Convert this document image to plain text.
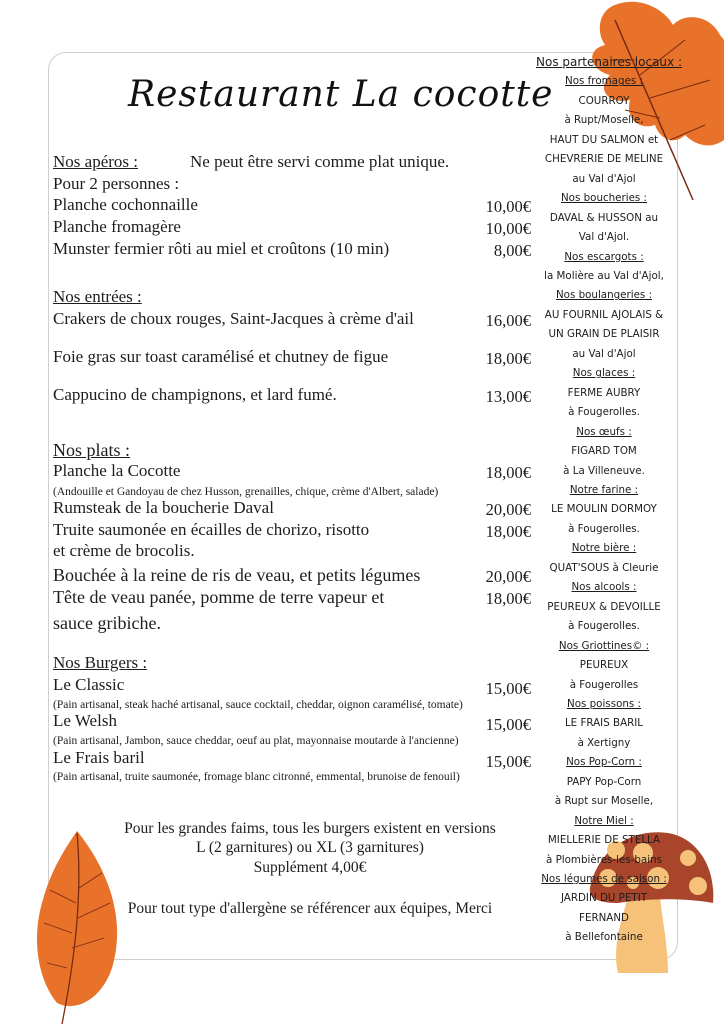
Restaurant La cocotte
Ne peut être servi comme plat unique.
Nos apéros :
Pour 2 personnes :
Planche cochonnaille	10,00€
Planche fromagère	10,00€
Munster fermier rôti au miel et croûtons (10 min)	8,00€
Nos entrées :
Crakers de choux rouges, Saint-Jacques à crème d'ail	16,00€
Foie gras sur toast caramélisé et chutney de figue	18,00€
Cappucino de champignons, et lard fumé.	13,00€
Nos plats :
Planche la Cocotte	18,00€
(Andouille et Gandoyau de chez Husson, grenailles, chique, crème d'Albert, salade)
Rumsteak de la boucherie Daval	20,00€
Truite saumonée en écailles de chorizo, risotto	18,00€
et crème de brocolis.
Bouchée à la reine de ris de veau, et petits légumes	20,00€
Tête de veau panée, pomme de terre vapeur et	18,00€
sauce gribiche.
Nos Burgers :
Le Classic	15,00€
(Pain artisanal, steak haché artisanal, sauce cocktail, cheddar, oignon caramélisé, tomate)
Le Welsh	15,00€
(Pain artisanal, Jambon, sauce cheddar, oeuf au plat, mayonnaise moutarde à l'ancienne)
Le Frais baril	15,00€
(Pain artisanal, truite saumonée, fromage blanc citronné, emmental, brunoise de fenouil)
Pour les grandes faims, tous les burgers existent en versions
L (2 garnitures) ou XL (3 garnitures)
Supplément 4,00€
Pour tout type d'allergène se référencer aux équipes, Merci
Nos partenaires locaux :
Nos fromages :
COURROY
à Rupt/Moselle,
HAUT DU SALMON et
CHEVRERIE DE MELINE
au Val d'Ajol
Nos boucheries :
DAVAL & HUSSON au
Val d'Ajol.
Nos escargots :
la Molière au Val d'Ajol,
Nos boulangeries :
AU FOURNIL AJOLAIS &
UN GRAIN DE PLAISIR
au Val d'Ajol
Nos glaces :
FERME AUBRY
à Fougerolles.
Nos œufs :
FIGARD TOM
à La Villeneuve.
Notre farine :
LE MOULIN DORMOY
à Fougerolles.
Notre bière :
QUAT'SOUS à Cleurie
Nos alcools :
PEUREUX & DEVOILLE
à Fougerolles.
Nos Griottines© :
PEUREUX
à Fougerolles
Nos poissons :
LE FRAIS BARIL
à Xertigny
Nos Pop-Corn :
PAPY Pop-Corn
à Rupt sur Moselle,
Notre Miel :
MIELLERIE DE STELLA
à Plombières-les-bains
Nos légumes de saison :
JARDIN DU PETIT
FERNAND
à Bellefontaine
